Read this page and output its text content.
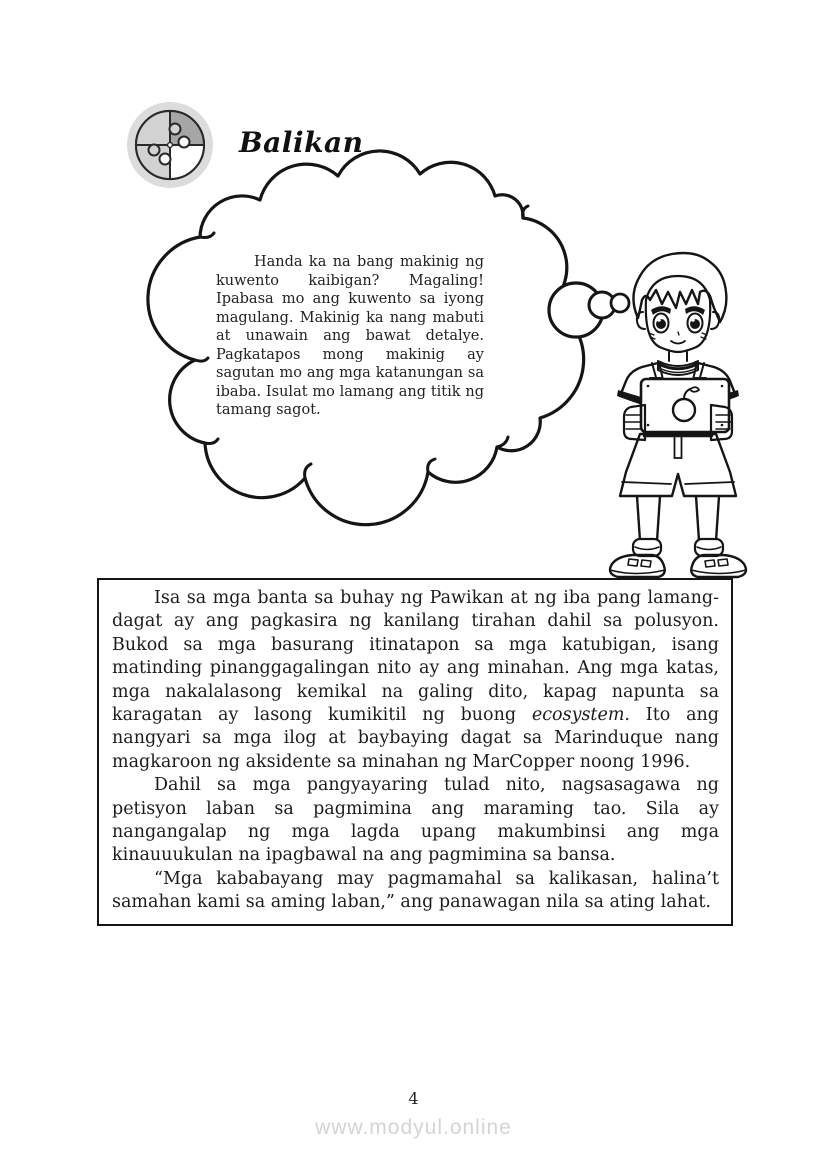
Balikan
Handa ka na bang makinig ng kuwento kaibigan? Magaling! Ipabasa mo ang kuwento sa iyong magulang. Makinig ka nang mabuti at unawain ang bawat detalye. Pagkatapos mong makinig ay sagutan mo ang mga katanungan sa ibaba. Isulat mo lamang ang titik ng tamang sagot.

Isa sa mga banta sa buhay ng Pawikan at ng iba pang lamang-dagat ay ang pagkasira ng kanilang tirahan dahil sa polusyon. Bukod sa mga basurang itinatapon sa mga katubigan, isang matinding pinanggagalingan nito ay ang minahan. Ang mga katas, mga nakalalasong kemikal na galing dito, kapag napunta sa karagatan ay lasong kumikitil ng buong ecosystem. Ito ang nangyari sa mga ilog at baybaying dagat sa Marinduque nang magkaroon ng aksidente sa minahan ng MarCopper noong 1996.

Dahil sa mga pangyayaring tulad nito, nagsasagawa ng petisyon laban sa pagmimina ang maraming tao. Sila ay nangangalap ng mga lagda upang makumbinsi ang mga kinauuukulan na ipagbawal na ang pagmimina sa bansa.

“Mga kababayang may pagmamahal sa kalikasan, halina’t samahan kami sa aming laban,” ang panawagan nila sa ating lahat.

4
www.modyul.online
